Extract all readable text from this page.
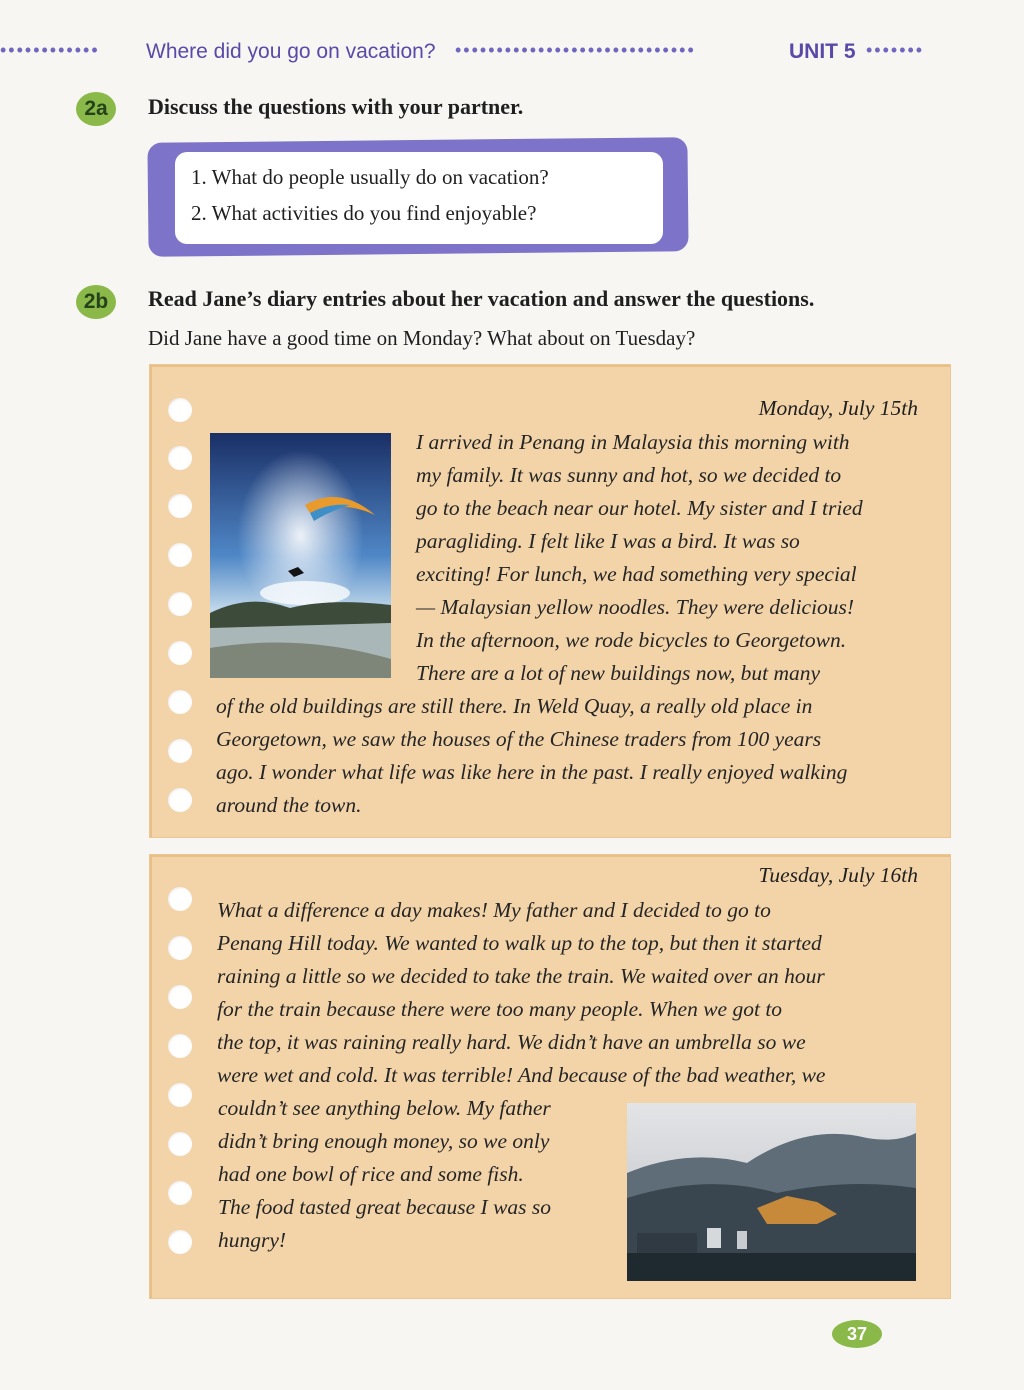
•••••••••••• Where did you go on vacation? •••••••••••••••••••••••••••••	UNIT 5 •••••••
2a	Discuss the questions with your partner.
1. What do people usually do on vacation?
2. What activities do you find enjoyable?
2b	Read Jane’s diary entries about her vacation and answer the questions.
Did Jane have a good time on Monday? What about on Tuesday?
Monday, July 15th
I arrived in Penang in Malaysia this morning with
my family. It was sunny and hot, so we decided to
go to the beach near our hotel. My sister and I tried
paragliding. I felt like I was a bird. It was so
exciting! For lunch, we had something very special
— Malaysian yellow noodles. They were delicious!
In the afternoon, we rode bicycles to Georgetown.
There are a lot of new buildings now, but many
of the old buildings are still there. In Weld Quay, a really old place in
Georgetown, we saw the houses of the Chinese traders from 100 years
ago. I wonder what life was like here in the past. I really enjoyed walking
around the town.
Tuesday, July 16th
What a difference a day makes! My father and I decided to go to
Penang Hill today. We wanted to walk up to the top, but then it started
raining a little so we decided to take the train. We waited over an hour
for the train because there were too many people. When we got to
the top, it was raining really hard. We didn’t have an umbrella so we
were wet and cold. It was terrible! And because of the bad weather, we
couldn’t see anything below. My father
didn’t bring enough money, so we only
had one bowl of rice and some fish.
The food tasted great because I was so
hungry!
37
